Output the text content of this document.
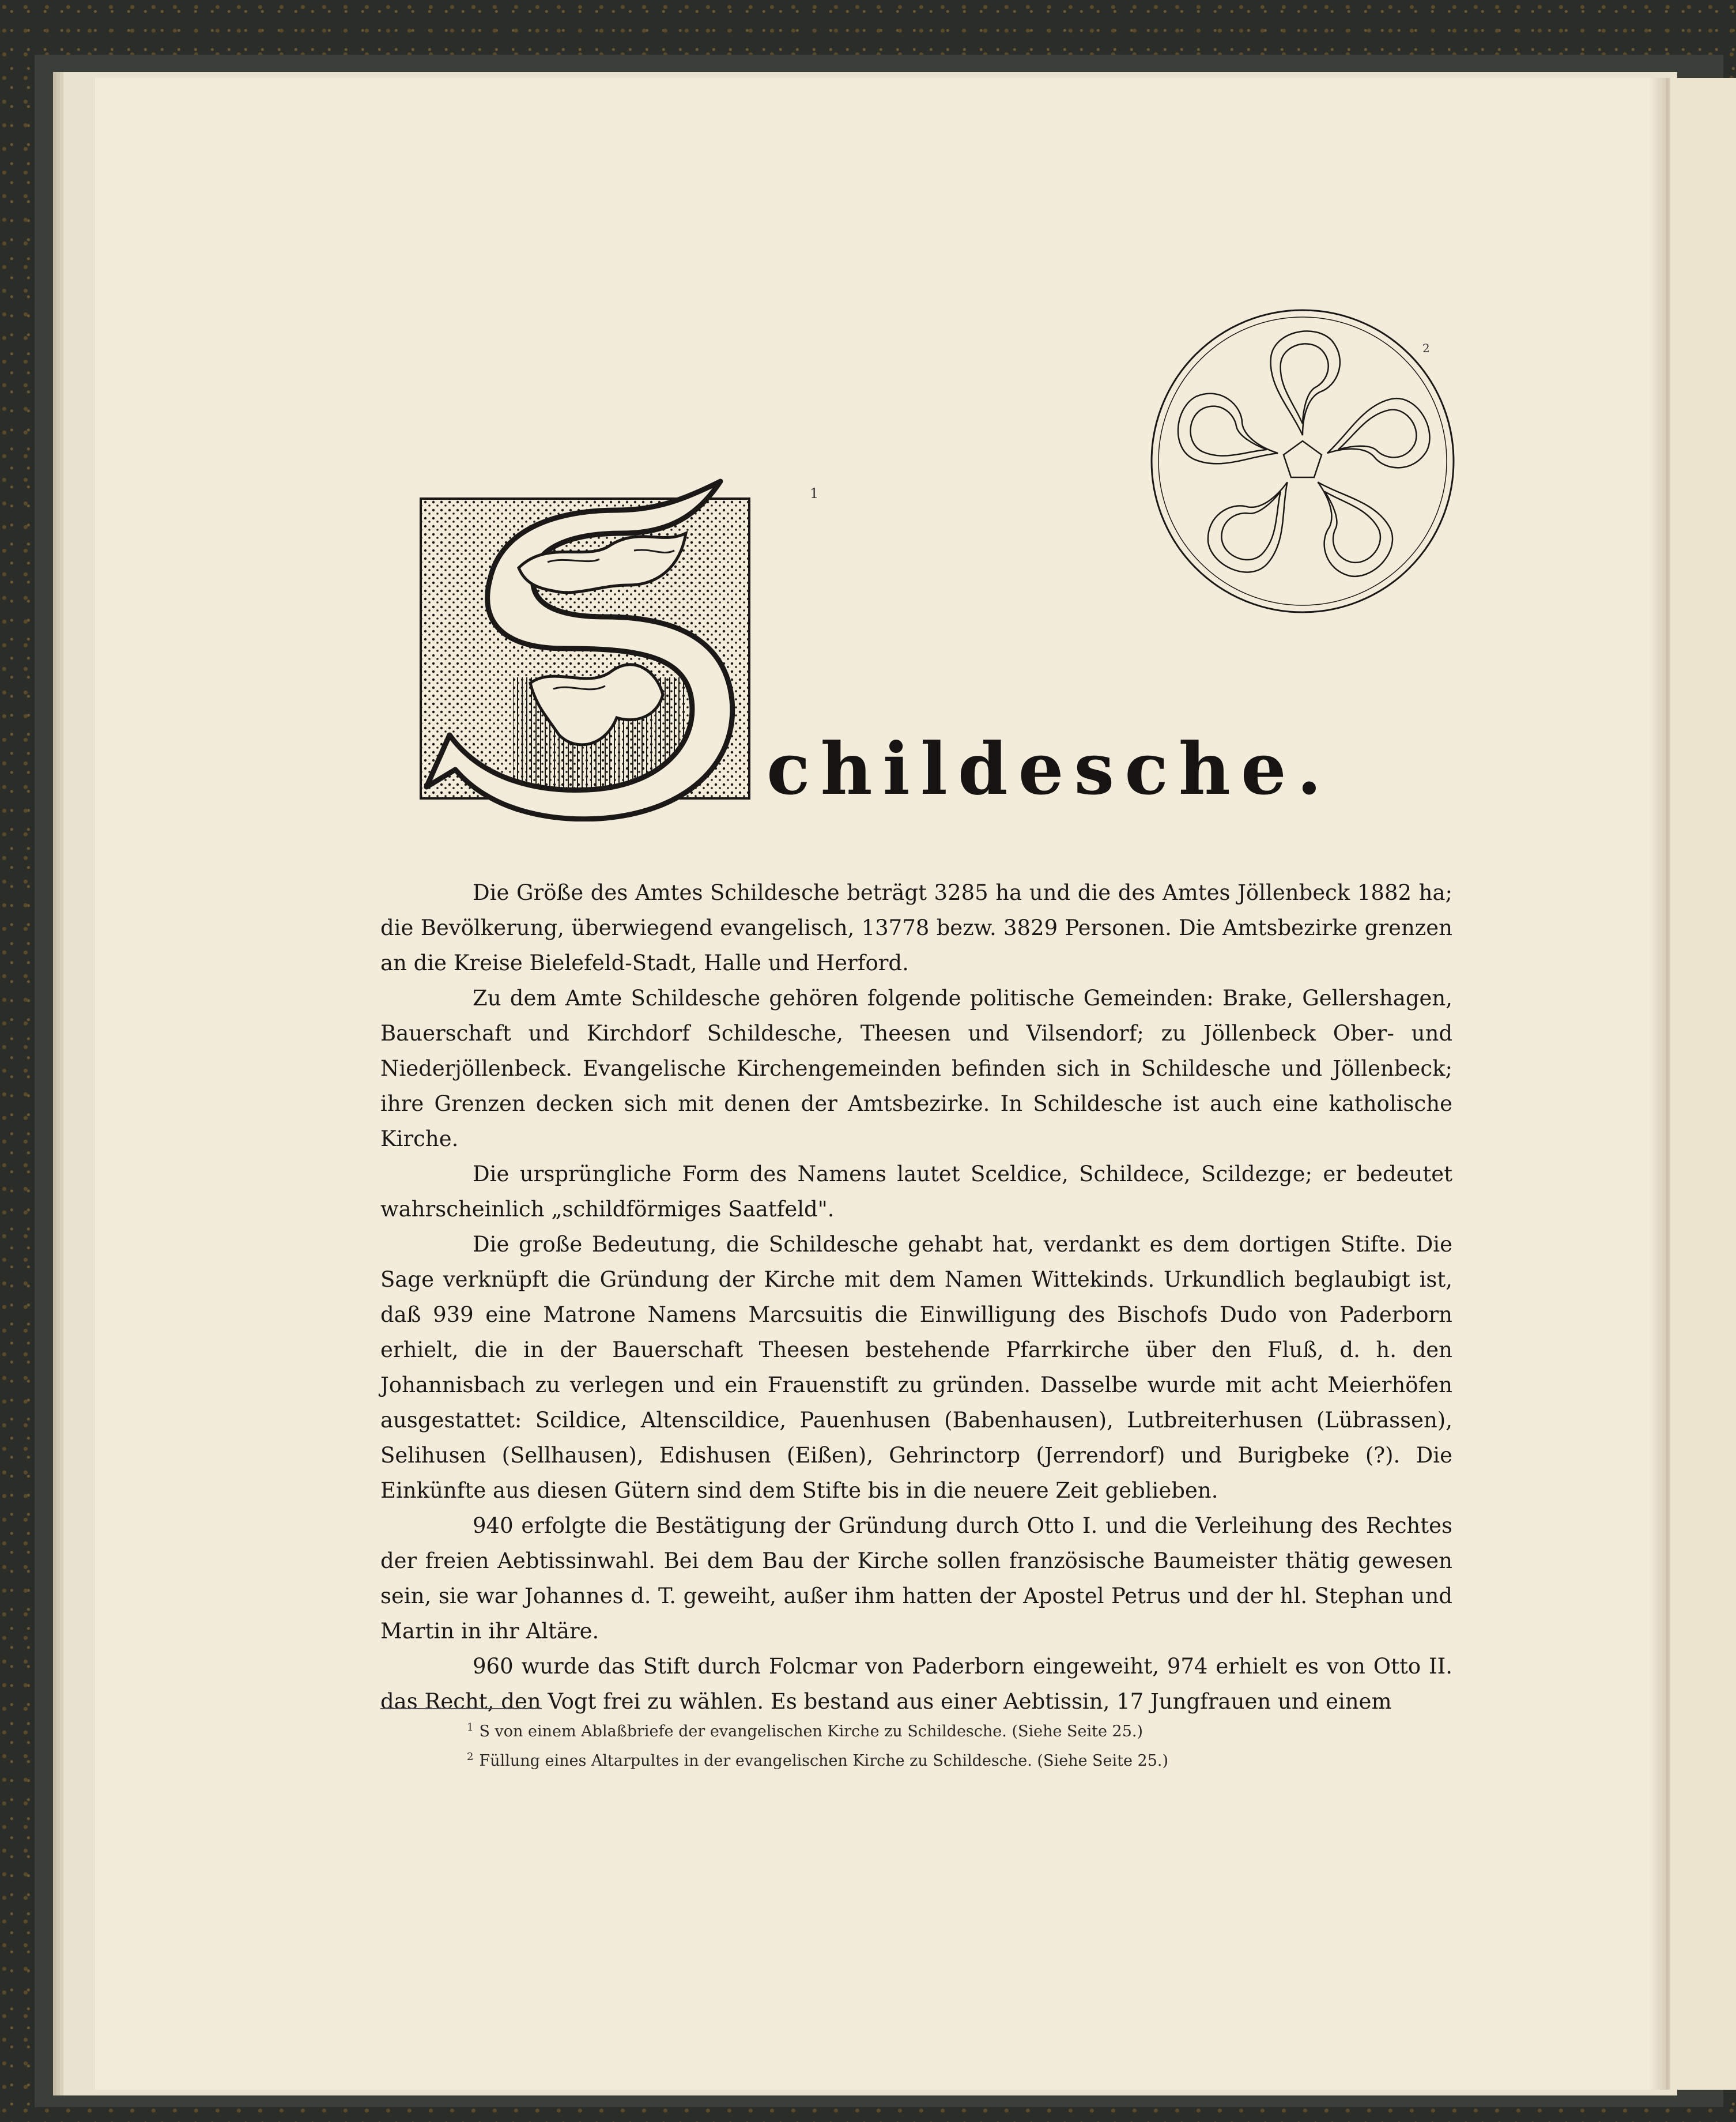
1
childesche.
2

Die Größe des Amtes Schildesche beträgt 3285 ha und die des Amtes Jöllenbeck 1882 ha; die Bevölkerung, überwiegend evangelisch, 13778 bezw. 3829 Personen. Die Amtsbezirke grenzen an die Kreise Bielefeld-Stadt, Halle und Herford.

Zu dem Amte Schildesche gehören folgende politische Gemeinden: Brake, Gellershagen, Bauerschaft und Kirchdorf Schildesche, Theesen und Vilsendorf; zu Jöllenbeck Ober- und Niederjöllenbeck. Evangelische Kirchengemeinden befinden sich in Schildesche und Jöllenbeck; ihre Grenzen decken sich mit denen der Amtsbezirke. In Schildesche ist auch eine katholische Kirche.

Die ursprüngliche Form des Namens lautet Sceldice, Schildece, Scildezge; er bedeutet wahrscheinlich „schildförmiges Saatfeld".

Die große Bedeutung, die Schildesche gehabt hat, verdankt es dem dortigen Stifte. Die Sage verknüpft die Gründung der Kirche mit dem Namen Wittekinds. Urkundlich beglaubigt ist, daß 939 eine Matrone Namens Marcsuitis die Einwilligung des Bischofs Dudo von Paderborn erhielt, die in der Bauerschaft Theesen bestehende Pfarrkirche über den Fluß, d. h. den Johannisbach zu verlegen und ein Frauenstift zu gründen. Dasselbe wurde mit acht Meierhöfen ausgestattet: Scildice, Altenscildice, Pauenhusen (Babenhausen), Lutbreiterhusen (Lübrassen), Selihusen (Sellhausen), Edishusen (Eißen), Gehrinctorp (Jerrendorf) und Burigbeke (?). Die Einkünfte aus diesen Gütern sind dem Stifte bis in die neuere Zeit geblieben.

940 erfolgte die Bestätigung der Gründung durch Otto I. und die Verleihung des Rechtes der freien Aebtissinwahl. Bei dem Bau der Kirche sollen französische Baumeister thätig gewesen sein, sie war Johannes d. T. geweiht, außer ihm hatten der Apostel Petrus und der hl. Stephan und Martin in ihr Altäre.

960 wurde das Stift durch Folcmar von Paderborn eingeweiht, 974 erhielt es von Otto II. das Recht, den Vogt frei zu wählen. Es bestand aus einer Aebtissin, 17 Jungfrauen und einem

$^1$ S von einem Ablaßbriefe der evangelischen Kirche zu Schildesche. (Siehe Seite 25.)
$^2$ Füllung eines Altarpultes in der evangelischen Kirche zu Schildesche. (Siehe Seite 25.)
